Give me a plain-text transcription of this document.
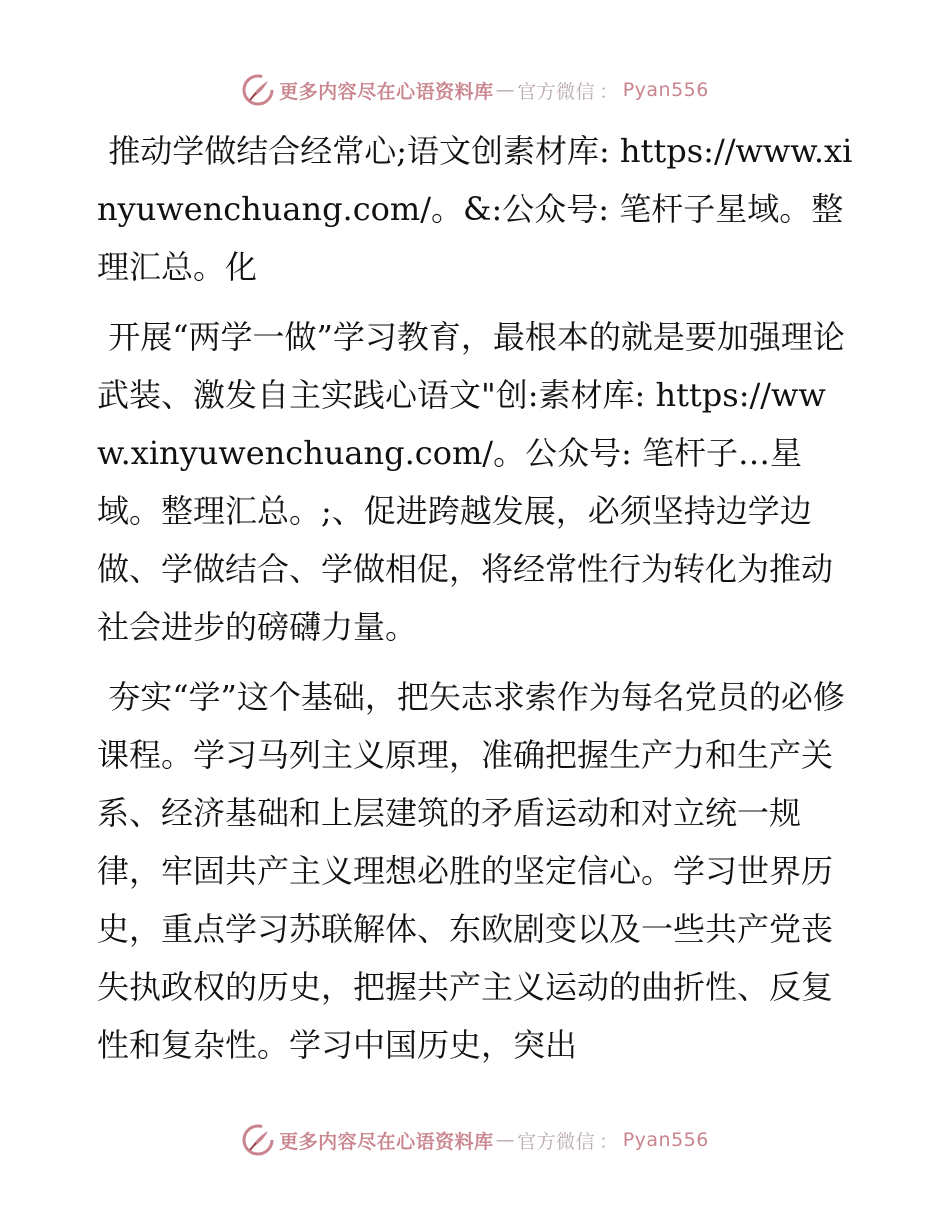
更多内容尽在心语资料库 — 官方微信 ： Pyan556

推动学做结合经常心;语文创素材库: https://www.xinyuwenchuang.com/。&:公众号: 笔杆子星域。整理汇总。化

开展“两学一做”学习教育，最根本的就是要加强理论武装、激发自主实践心语文"创:素材库: https://www.xinyuwenchuang.com/。公众号: 笔杆子…星域。整理汇总。;、促进跨越发展，必须坚持边学边做、学做结合、学做相促，将经常性行为转化为推动社会进步的磅礴力量。

夯实“学”这个基础，把矢志求索作为每名党员的必修课程。学习马列主义原理，准确把握生产力和生产关系、经济基础和上层建筑的矛盾运动和对立统一规律，牢固共产主义理想必胜的坚定信心。学习世界历史，重点学习苏联解体、东欧剧变以及一些共产党丧失执政权的历史，把握共产主义运动的曲折性、反复性和复杂性。学习中国历史，突出

更多内容尽在心语资料库 — 官方微信 ： Pyan556
